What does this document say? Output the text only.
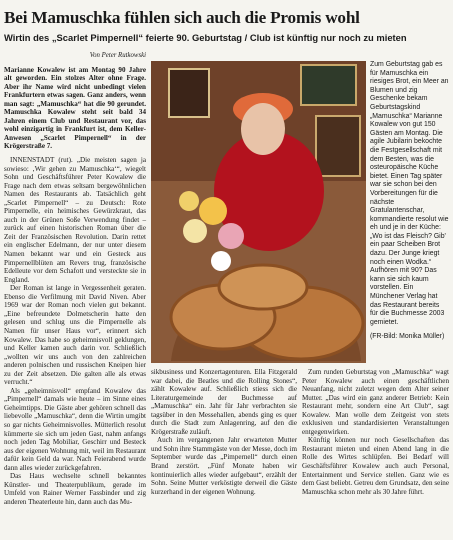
Bei Mamuschka fühlen sich auch die Promis wohl
Wirtin des „Scarlet Pimpernell“ feierte 90. Geburtstag / Club ist künftig nur noch zu mieten
Von Peter Rutkowski

Marianne Kowalew ist am Montag 90 Jahre alt geworden. Ein stolzes Alter ohne Frage. Aber ihr Name wird nicht unbedingt vielen Frankfurtern etwas sagen. Ganz anders, wenn man sagt: „Mamuschka“ hat die 90 gerundet. Mamuschka Kowalew steht seit bald 34 Jahren einem Club und Restaurant vor, das wohl einzigartig in Frankfurt ist, dem Keller-Anwesen „Scarlet Pimpernell“ in der Krögerstraße 7.

INNENSTADT (rut). „Die meisten sagen ja sowieso: ‚Wir gehen zu Mamuschka‘“, wiegelt Sohn und Geschäftsführer Peter Kowalew die Frage nach dem etwas seltsam bergewöhnlichen Namen des Restaurants ab. Tatsächlich geht „Scarlet Pimpernell“ – zu Deutsch: Rote Pimpernelle, ein heimisches Gewürzkraut, das auch in der Grünen Soße Verwendung findet – zurück auf einen historischen Roman über die Zeit der Französischen Revolution. Darin rettet ein englischer Edelmann, der nur unter diesem Namen bekannt war und ein Gesteck aus Pimpernellblüten am Revers trug, französische Edelleute vor dem Schafott und versteckte sie in England.

Der Roman ist lange in Vergessenheit geraten. Ebenso die Verfilmung mit David Niven. Aber 1969 war der Roman noch vielen gut bekannt. „Eine befreundete Dolmetscherin hatte den gelesen und schlug uns die Pimpernelle als Namen für unser Haus vor“, erinnert sich Kowalew. Das habe so geheimnisvoll geklungen, und Keller kamen auch darin vor. Schließlich „wollten wir uns auch von den zahlreichen anderen polnischen und russischen Kneipen hier zu der Zeit absetzen. Die galten alle als etwas verrucht.“

Als „geheimnisvoll“ empfand Kowalew das „Pimpernell“ damals wie heute – im Sinne eines Geheimtipps. Die Gäste aber gehören schnell das liebevolle „Mamuschka“, denn die Wirtin umgibt so gar nichts Geheimnisvolles. Mütterlich resolut kümmerte sie sich um jeden Gast, nahm anfangs noch jeden Tag Mobiliar, Geschirr und Besteck aus der eigenen Wohnung mit, weil im Restaurant dafür kein Geld da war. Nach Feierabend wurde dann alles wieder zurückgefahren.

Das Haus wechselte schnell bekanntes Künstler- und Theaterpublikum, gerade im Umfeld von Rainer Werner Fassbinder und zig anderen Theaterleute hin, dann auch das Mu-

Zum Geburtstag gab es für Mamuschka ein riesiges Brot, ein Meer an Blumen und zig Geschenke bekam Geburtstagskind „Mamuschka“ Marianne Kowalew von gut 150 Gästen am Montag. Die agile Jubilarin bekochte die Festgesellschaft mit dem Besten, was die osteuropäische Küche bietet. Einen Tag später war sie schon bei den Vorbereitungen für die nächste Gratulantenschar, kommandierte resolut wie eh und je in der Küche: „Wo ist das Fleisch? Gib' ein paar Scheiben Brot dazu. Der Junge kriegt noch einen Wodka.“ Aufhören mit 90? Das kann sie sich kaum vorstellen. Ein Münchener Verlag hat das Restaurant bereits für die Buchmesse 2003 gemietet.
(FR-Bild: Monika Müller)

sikbusiness und Konzertagenturen. Ella Fitzgerald war dabei, die Beatles und die Rolling Stones“, zählt Kowalew auf. Schließlich stiess sich die Literaturgemeinde der Buchmesse auf „Mamuschka“ ein. Jahr für Jahr verbrachten sie tagsüber in den Messehallen, abends ging es quer durch die Stadt zum Anlagenring, auf den die Krögerstraße zuläuft.

Auch im vergangenen Jahr erwarteten Mutter und Sohn ihre Stammgäste von der Messe, doch im September wurde das „Pimpernell“ durch einen Brand zerstört. „Fünf Monate haben wir kontinuierlich alles wieder aufgebaut“, erzählt der Sohn. Seine Mutter verköstigte derweil die Gäste kurzerhand in der eigenen Wohnung.

Zum runden Geburtstag von „Mamuschka“ wagt Peter Kowalew auch einen geschäftlichen Neuanfang, nicht zuletzt wegen dem Alter seiner Mutter. „Das wird ein ganz anderer Betrieb: Kein Restaurant mehr, sondern eine Art Club“, sagt Kowalew. Man wolle dem Zeitgeist von stets exklusiven und standardisierten Veranstaltungen entgegenwirken.

Künftig können nur noch Gesellschaften das Restaurant mieten und einen Abend lang in die Rolle des Wirtes schlüpfen. Bei Bedarf will Geschäftsführer Kowalew auch auch Personal, Entertainment und Service stellen. Ganz wie es dem Gast beliebt. Getreu dem Grundsatz, den seine Mamuschka schon mehr als 30 Jahre führt.
